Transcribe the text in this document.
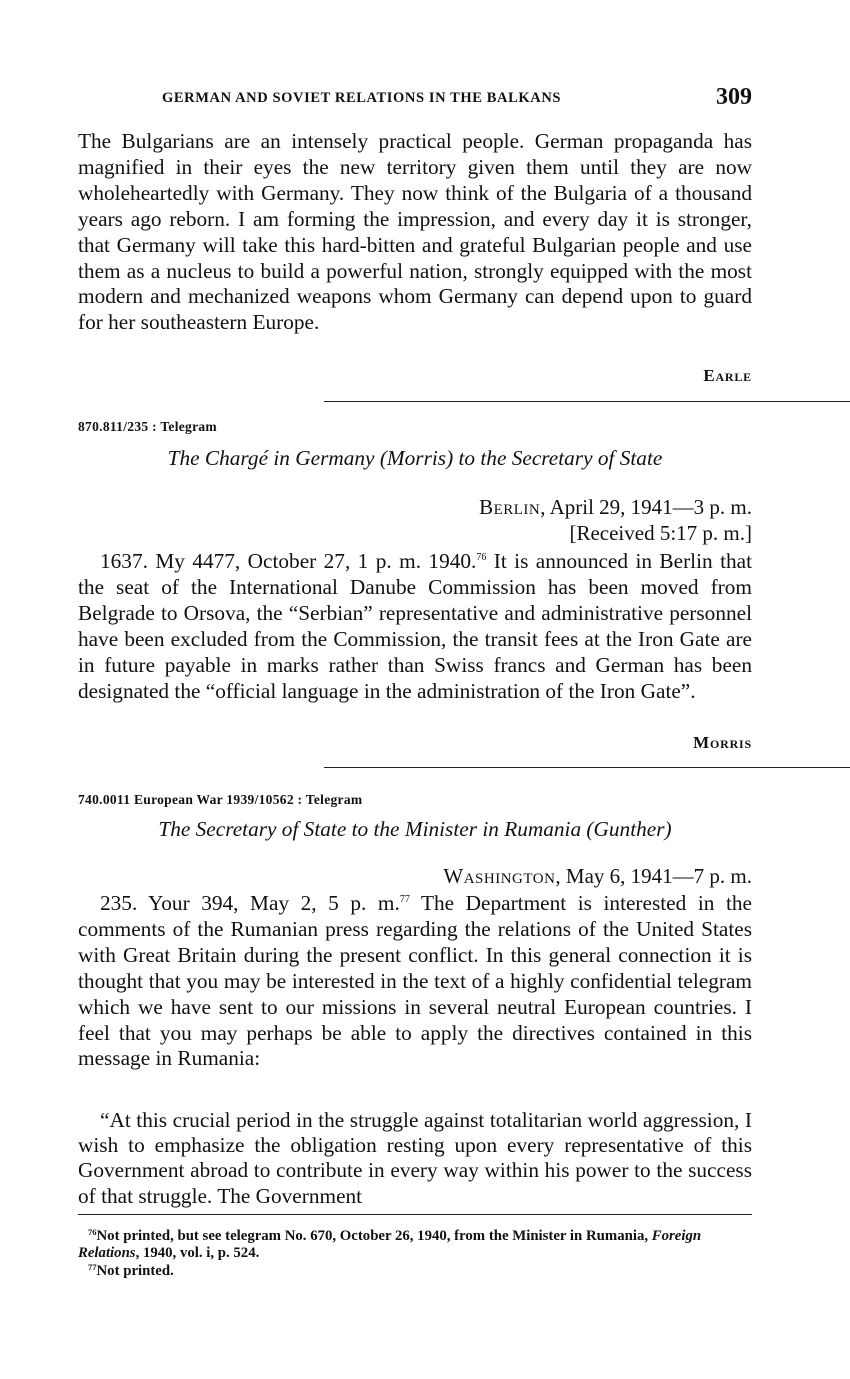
GERMAN AND SOVIET RELATIONS IN THE BALKANS	309

The Bulgarians are an intensely practical people. German propaganda has magnified in their eyes the new territory given them until they are now wholeheartedly with Germany. They now think of the Bulgaria of a thousand years ago reborn. I am forming the impression, and every day it is stronger, that Germany will take this hard-bitten and grateful Bulgarian people and use them as a nucleus to build a powerful nation, strongly equipped with the most modern and mechanized weapons whom Germany can depend upon to guard for her southeastern Europe.

Earle
870.811/235 : Telegram
The Chargé in Germany (Morris) to the Secretary of State
Berlin, April 29, 1941—3 p. m.
[Received 5:17 p. m.]

1637. My 4477, October 27, 1 p. m. 1940.76 It is announced in Berlin that the seat of the International Danube Commission has been moved from Belgrade to Orsova, the “Serbian” representative and administrative personnel have been excluded from the Commission, the transit fees at the Iron Gate are in future payable in marks rather than Swiss francs and German has been designated the “official language in the administration of the Iron Gate”.

Morris
740.0011 European War 1939/10562 : Telegram
The Secretary of State to the Minister in Rumania (Gunther)
Washington, May 6, 1941—7 p. m.

235. Your 394, May 2, 5 p. m.$^{77}$ The Department is interested in the comments of the Rumanian press regarding the relations of the United States with Great Britain during the present conflict. In this general connection it is thought that you may be interested in the text of a highly confidential telegram which we have sent to our missions in several neutral European countries. I feel that you may perhaps be able to apply the directives contained in this message in Rumania:

“At this crucial period in the struggle against totalitarian world aggression, I wish to emphasize the obligation resting upon every representative of this Government abroad to contribute in every way within his power to the success of that struggle. The Government

$^{76}$Not printed, but see telegram No. 670, October 26, 1940, from the Minister in Rumania, Foreign Relations, 1940, vol. i, p. 524.

$^{77}$Not printed.
